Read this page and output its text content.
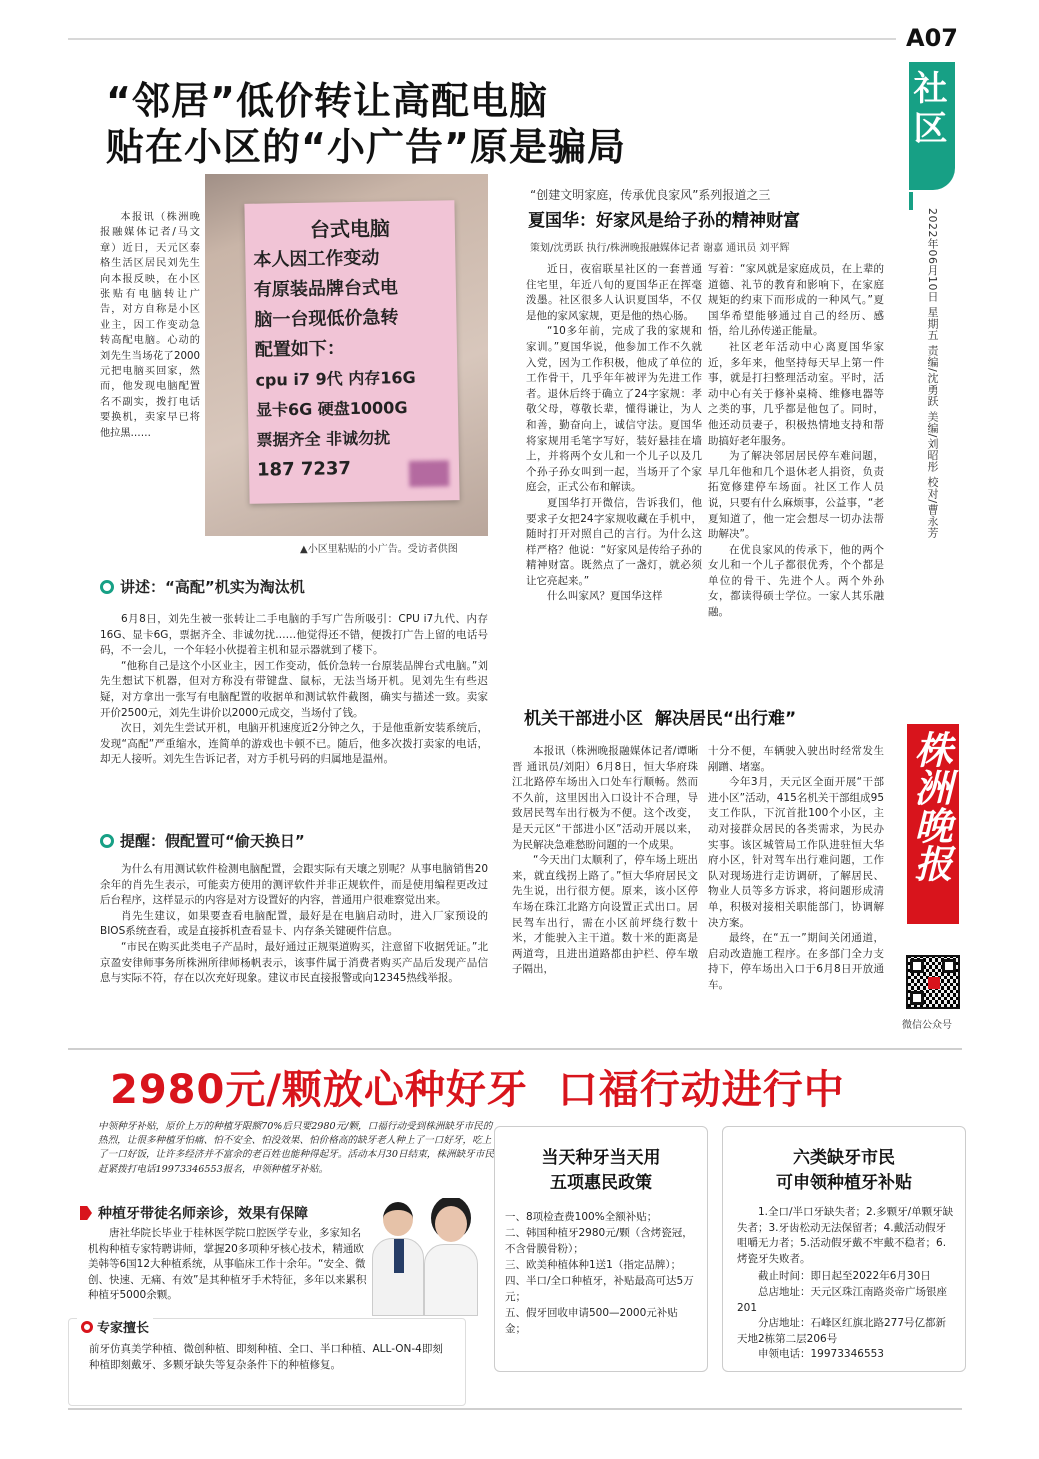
A07
社区
2022年06月10日 星期五 责编/沈勇跃 美编/刘昭彤 校对/曹永芳
株洲晚报
微信公众号
“邻居”低价转让高配电脑
贴在小区的“小广告”原是骗局
本报讯（株洲晚报融媒体记者/马文章）近日，天元区泰格生活区居民刘先生向本报反映，在小区张贴有电脑转让广告，对方自称是小区业主，因工作变动急转高配电脑。心动的刘先生当场花了2000元把电脑买回家，然而，他发现电脑配置名不副实，拨打电话要换机，卖家早已将他拉黑……
台式电脑
本人因工作变动
有原装品牌台式电
脑一台现低价急转
配置如下：
cpu i7 9代 内存16G
显卡6G 硬盘1000G
票据齐全 非诚勿扰
187 7237
▲小区里粘贴的小广告。受访者供图
讲述：“高配”机实为淘汰机
6月8日，刘先生被一张转让二手电脑的手写广告所吸引：CPU i7九代、内存16G、显卡6G，票据齐全、非诚勿扰……他觉得还不错，便拨打广告上留的电话号码，不一会儿，一个年轻小伙提着主机和显示器就到了楼下。
“他称自己是这个小区业主，因工作变动，低价急转一台原装品牌台式电脑。”刘先生想试下机器，但对方称没有带键盘、鼠标，无法当场开机。见刘先生有些迟疑，对方拿出一张写有电脑配置的收据单和测试软件截图，确实与描述一致。卖家开价2500元，刘先生讲价以2000元成交，当场付了钱。
次日，刘先生尝试开机，电脑开机速度近2分钟之久，于是他重新安装系统后，发现“高配”严重缩水，连简单的游戏也卡顿不已。随后，他多次拨打卖家的电话，却无人接听。刘先生告诉记者，对方手机号码的归属地是温州。
提醒：假配置可“偷天换日”
为什么有用测试软件检测电脑配置，会跟实际有天壤之别呢？从事电脑销售20余年的肖先生表示，可能卖方使用的测评软件并非正规软件，而是使用编程更改过后台程序，这样显示的内容是对方设置好的内容，普通用户很难察觉出来。
肖先生建议，如果要查看电脑配置，最好是在电脑启动时，进入厂家预设的BIOS系统查看，或是直接拆机查看显卡、内存条关键硬件信息。
“市民在购买此类电子产品时，最好通过正规渠道购买，注意留下收据凭证。”北京盈安律师事务所株洲所律师杨帆表示，该事件属于消费者购买产品后发现产品信息与实际不符，存在以次充好现象。建议市民直接报警或向12345热线举报。
“创建文明家庭，传承优良家风”系列报道之三
夏国华：好家风是给子孙的精神财富
策划/沈勇跃 执行/株洲晚报融媒体记者 谢嘉 通讯员 刘平辉
近日，夜宿联星社区的一套普通住宅里，年近八旬的夏国华正在挥毫泼墨。社区很多人认识夏国华，不仅是他的家风家规，更是他的热心肠。
“10多年前，完成了我的家规和家训。”夏国华说，他参加工作不久就入党，因为工作积极，他成了单位的工作骨干，几乎年年被评为先进工作者。退休后终于确立了24字家规：孝敬父母，尊敬长辈，懂得谦让，为人和善，勤奋向上，诚信守法。夏国华将家规用毛笔字写好，装好悬挂在墙上，并将两个女儿和一个儿子以及几个孙子孙女叫到一起，当场开了个家庭会，正式公布和解读。
夏国华打开微信，告诉我们，他要求子女把24字家规收藏在手机中，随时打开对照自己的言行。为什么这样严格？他说：“好家风是传给子孙的精神财富。既然点了一盏灯，就必须让它亮起来。”
什么叫家风？夏国华这样
写着：“家风就是家庭成员，在上辈的道德、礼节的教育和影响下，在家庭规矩的约束下而形成的一种风气。”夏国华希望能够通过自己的经历、感悟，给儿孙传递正能量。
社区老年活动中心离夏国华家近，多年来，他坚持每天早上第一件事，就是打扫整理活动室。平时，活动中心有关于修补桌椅、维修电器等之类的事，几乎都是他包了。同时，他还动员妻子，积极热情地支持和帮助搞好老年服务。
为了解决邻居居民停车难问题，早几年他和几个退休老人捐资，负责拓宽修建停车场面。社区工作人员说，只要有什么麻烦事，公益事，“老夏知道了，他一定会想尽一切办法帮助解决”。
在优良家风的传承下，他的两个女儿和一个儿子都很优秀，个个都是单位的骨干、先进个人。两个外孙女，都读得硕士学位。一家人其乐融融。
机关干部进小区  解决居民“出行难”
本报讯（株洲晚报融媒体记者/谭晰晋 通讯员/刘阳）6月8日，恒大华府珠江北路停车场出入口处车行顺畅。然而不久前，这里因出入口设计不合理，导致居民驾车出行极为不便。这个改变，是天元区“干部进小区”活动开展以来，为民解决急难愁盼问题的一个成果。
“今天出门太顺利了，停车场上班出来，就直线拐上路了。”恒大华府居民文先生说，出行很方便。原来，该小区停车场在珠江北路方向设置正式出口。居民驾车出行，需在小区前坪绕行数十米，才能驶入主干道。数十米的距离是两道弯，且进出道路都由护栏、停车墩子隔出，
十分不便，车辆驶入驶出时经常发生剐蹭、堵塞。
今年3月，天元区全面开展“干部进小区”活动，415名机关干部组成95支工作队，下沉首批100个小区，主动对接群众居民的各类需求，为民办实事。该区城管局工作队进驻恒大华府小区，针对驾车出行难问题，工作队对现场进行走访调研，了解居民、物业人员等多方诉求，将问题形成清单，积极对接相关职能部门，协调解决方案。
最终，在“五一”期间关闭通道，启动改造施工程序。在多部门全力支持下，停车场出入口于6月8日开放通车。
2980元/颗放心种好牙  口福行动进行中
中领种牙补贴，原价上万的种植牙限额70%后只要2980元/颗，口福行动受到株洲缺牙市民的热烈，让很多种植牙怕痛、怕不安全、怕没效果、怕价格高的缺牙老人种上了一口好牙，吃上了一口好饭，让许多经济并不富余的老百姓也能种得起牙。活动本月30日结束，株洲缺牙市民赶紧拨打电话19973346553报名，申领种植牙补贴。
种植牙带徒名师亲诊，效果有保障
唐社华院长毕业于桂林医学院口腔医学专业，多家知名机构种植专家特聘讲师，掌握20多项种牙核心技术，精通欧美韩等6国12大种植系统，从事临床工作十余年。“安全、微创、快速、无痛、有效”是其种植牙手术特征，多年以来累积种植牙5000余颗。
专家擅长
前牙仿真美学种植、微创种植、即刻种植、全口、半口种植、ALL-ON-4即刻种植即刻戴牙、多颗牙缺失等复杂条件下的种植修复。
当天种牙当天用
五项惠民政策
一、8项检查费100%全额补贴；
二、韩国种植牙2980元/颗（含烤瓷冠，不含骨膜骨粉）；
三、欧美种植体种1送1（指定品牌）；
四、半口/全口种植牙，补贴最高可达5万元；
五、假牙回收申请500—2000元补贴金；
六类缺牙市民
可申领种植牙补贴
1.全口/半口牙缺失者；2.多颗牙/单颗牙缺失者；3.牙齿松动无法保留者；4.戴活动假牙咀嚼无力者；5.活动假牙戴不牢戴不稳者；6.烤瓷牙失败者。
截止时间：即日起至2022年6月30日
总店地址：天元区珠江南路炎帝广场银座201
分店地址：石峰区红旗北路277号亿都新天地2栋第二层206号
申领电话：19973346553
